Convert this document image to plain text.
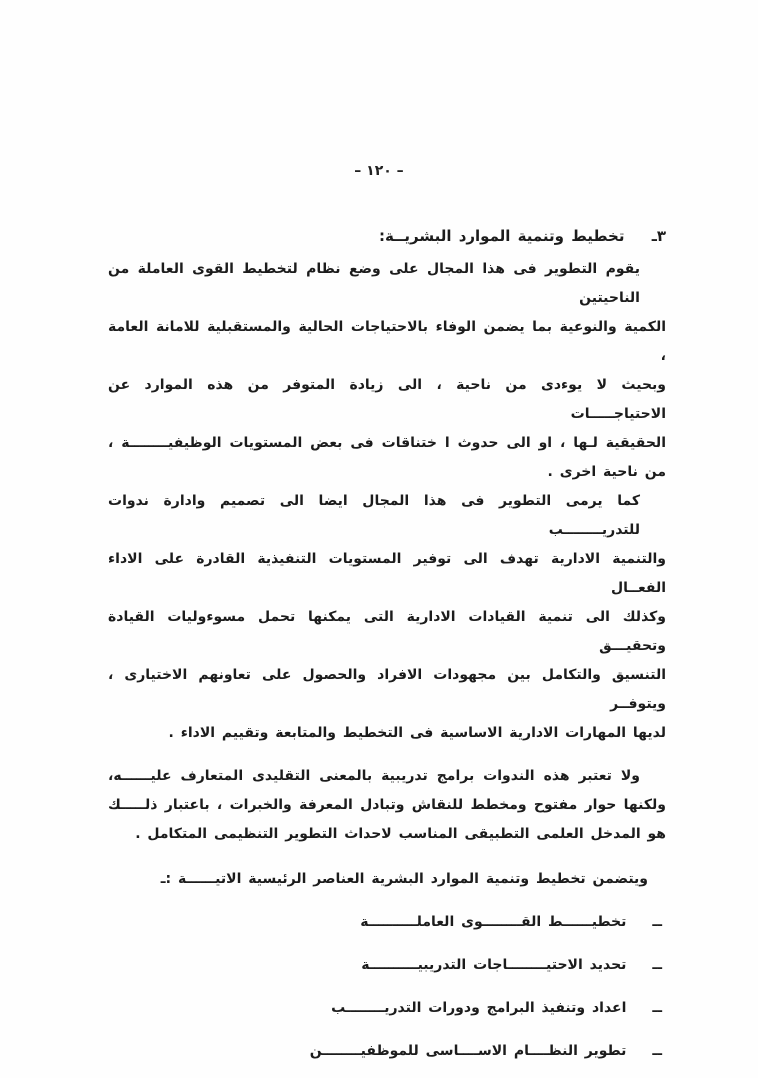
– ١٢٠ –
٣ـ تخطيط وتنمية الموارد البشريــة:
يقوم التطوير فى هذا المجال على وضع نظام لتخطيط القوى العاملة من الناحيتين
الكمية والنوعية بما يضمن الوفاء بالاحتياجات الحالية والمستقبلية للامانة العامة ،
وبحيث لا يوءدى من ناحية ، الى زيادة المتوفر من هذه الموارد عن الاحتياجـــــات
الحقيقية لـها ، او الى حدوث ا ختناقات فى بعض المستويات الوظيفيــــــــة ،
من ناحية اخرى .
كما يرمى التطوير فى هذا المجال ايضا الى تصميم وادارة ندوات للتدريــــــــب
والتنمية الادارية تهدف الى توفير المستويات التنفيذية القادرة على الاداء الفعــال
وكذلك الى تنمية القيادات الادارية التى يمكنها تحمل مسوءوليات القيادة وتحقيـــق
التنسيق والتكامل بين مجهودات الافراد والحصول على تعاونهم الاختيارى ، ويتوفــر
لديها المهارات الادارية الاساسية فى التخطيط والمتابعة وتقييم الاداء .
ولا تعتبر هذه الندوات برامج تدريبية بالمعنى التقليدى المتعارف عليــــــه،
ولكنها حوار مفتوح ومخطط للنقاش وتبادل المعرفة والخبرات ، باعتبار ذلـــــك
هو المدخل العلمى التطبيقى المناسب لاحداث التطوير التنظيمى المتكامل .
ويتضمن تخطيط وتنمية الموارد البشرية العناصر الرئيسية الاتيــــــة :ـ
ــ
تخطيــــــط القــــــــوى العاملــــــــــة
ــ
تحديد الاحتيــــــــاجات التدريبيــــــــــة
ــ
اعداد وتنفيذ البرامج ودورات التدريــــــــب
ــ
تطوير النظــــام الاســــاسى للموظفيــــــــن
